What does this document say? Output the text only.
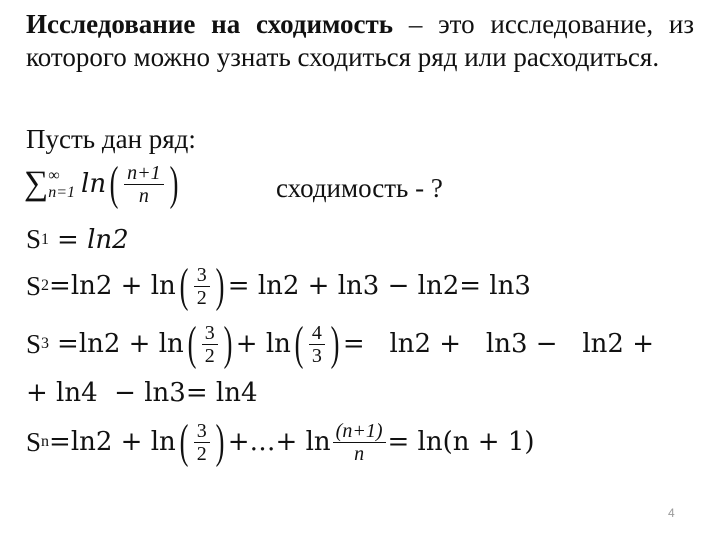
Исследование на сходимость – это исследование, из которого можно узнать сходиться ряд или расходиться.
Пусть дан ряд:
∑ ∞
n=1 ln ( $\frac{n+1}{n}$ )	сходимость - ?
S 1 = ln2
S 2 =ln2 + ln ( $\frac{3}{2}$ ) = ln2 + ln3 − ln2= ln3
S 3 =ln2 + ln ( $\frac{3}{2}$ ) + ln ( $\frac{4}{3}$ ) =   ln2 +   ln3 −   ln2 +
+ ln4  − ln3= ln4
S n =ln2 + ln ( $\frac{3}{2}$ ) +…+ $\ln \frac{(n+1)}{n} = \ln(n + 1)$
4
